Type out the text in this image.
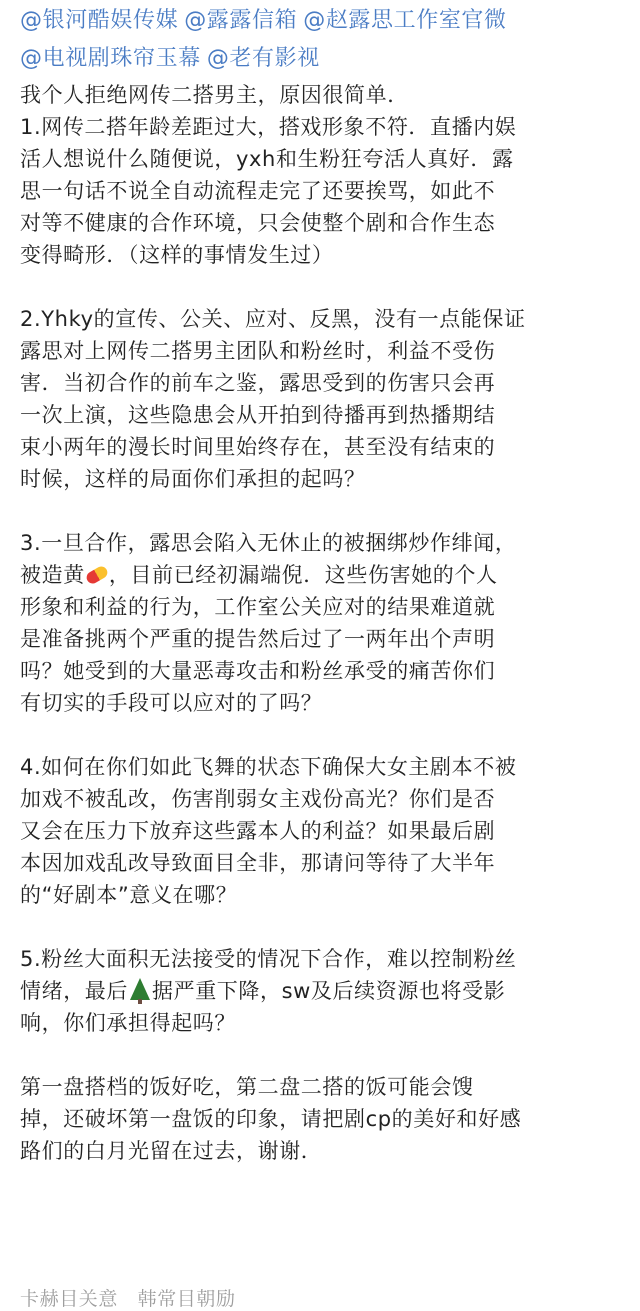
@银河酷娱传媒 @露露信箱 @赵露思工作室官微
@电视剧珠帘玉幕 @老有影视
我个人拒绝网传二搭男主，原因很简单．
1.网传二搭年龄差距过大，搭戏形象不符．直播内娱
活人想说什么随便说，yxh和生粉狂夸活人真好．露
思一句话不说全自动流程走完了还要挨骂，如此不
对等不健康的合作环境，只会使整个剧和合作生态
变得畸形．（这样的事情发生过）
2.Yhky的宣传、公关、应对、反黑，没有一点能保证
露思对上网传二搭男主团队和粉丝时，利益不受伤
害．当初合作的前车之鉴，露思受到的伤害只会再
一次上演，这些隐患会从开拍到待播再到热播期结
束小两年的漫长时间里始终存在，甚至没有结束的
时候，这样的局面你们承担的起吗？
3.一旦合作，露思会陷入无休止的被捆绑炒作绯闻，
被造黄 ，目前已经初漏端倪．这些伤害她的个人
形象和利益的行为，工作室公关应对的结果难道就
是准备挑两个严重的提告然后过了一两年出个声明
吗？她受到的大量恶毒攻击和粉丝承受的痛苦你们
有切实的手段可以应对的了吗？
4.如何在你们如此飞舞的状态下确保大女主剧本不被
加戏不被乱改，伤害削弱女主戏份高光？你们是否
又会在压力下放弃这些露本人的利益？如果最后剧
本因加戏乱改导致面目全非，那请问等待了大半年
的“好剧本”意义在哪？
5.粉丝大面积无法接受的情况下合作，难以控制粉丝
情绪，最后 据严重下降，sw及后续资源也将受影
响，你们承担得起吗？
第一盘搭档的饭好吃，第二盘二搭的饭可能会馊
掉，还破坏第一盘饭的印象，请把剧cp的美好和好感
路们的白月光留在过去，谢谢．
卡赫目关意　韩常目朝励
